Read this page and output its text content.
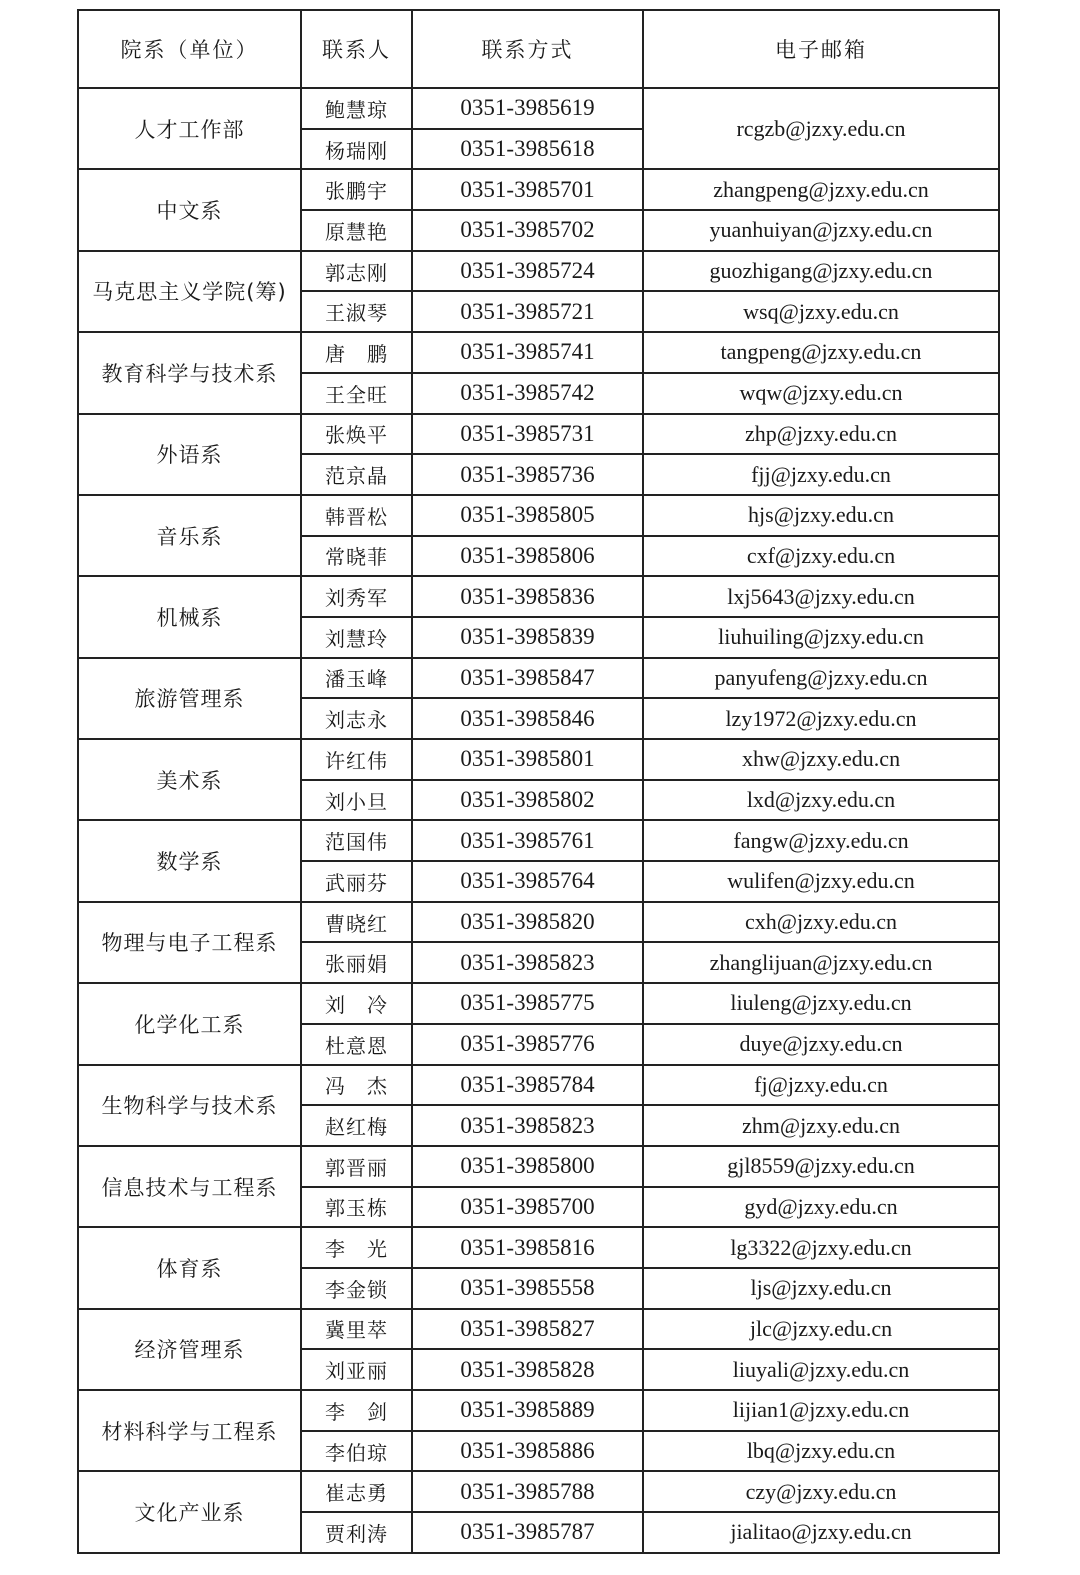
院系（单位）	联系人	联系方式	电子邮箱
人才工作部	鲍慧琼	0351-3985619	rcgzb@jzxy.edu.cn
	杨瑞刚	0351-3985618	
中文系	张鹏宇	0351-3985701	zhangpeng@jzxy.edu.cn
	原慧艳	0351-3985702	yuanhuiyan@jzxy.edu.cn
马克思主义学院(筹)	郭志刚	0351-3985724	guozhigang@jzxy.edu.cn
	王淑琴	0351-3985721	wsq@jzxy.edu.cn
教育科学与技术系	唐　鹏	0351-3985741	tangpeng@jzxy.edu.cn
	王全旺	0351-3985742	wqw@jzxy.edu.cn
外语系	张焕平	0351-3985731	zhp@jzxy.edu.cn
	范京晶	0351-3985736	fjj@jzxy.edu.cn
音乐系	韩晋松	0351-3985805	hjs@jzxy.edu.cn
	常晓菲	0351-3985806	cxf@jzxy.edu.cn
机械系	刘秀军	0351-3985836	lxj5643@jzxy.edu.cn
	刘慧玲	0351-3985839	liuhuiling@jzxy.edu.cn
旅游管理系	潘玉峰	0351-3985847	panyufeng@jzxy.edu.cn
	刘志永	0351-3985846	lzy1972@jzxy.edu.cn
美术系	许红伟	0351-3985801	xhw@jzxy.edu.cn
	刘小旦	0351-3985802	lxd@jzxy.edu.cn
数学系	范国伟	0351-3985761	fangw@jzxy.edu.cn
	武丽芬	0351-3985764	wulifen@jzxy.edu.cn
物理与电子工程系	曹晓红	0351-3985820	cxh@jzxy.edu.cn
	张丽娟	0351-3985823	zhanglijuan@jzxy.edu.cn
化学化工系	刘　冷	0351-3985775	liuleng@jzxy.edu.cn
	杜意恩	0351-3985776	duye@jzxy.edu.cn
生物科学与技术系	冯　杰	0351-3985784	fj@jzxy.edu.cn
	赵红梅	0351-3985823	zhm@jzxy.edu.cn
信息技术与工程系	郭晋丽	0351-3985800	gjl8559@jzxy.edu.cn
	郭玉栋	0351-3985700	gyd@jzxy.edu.cn
体育系	李　光	0351-3985816	lg3322@jzxy.edu.cn
	李金锁	0351-3985558	ljs@jzxy.edu.cn
经济管理系	冀里萃	0351-3985827	jlc@jzxy.edu.cn
	刘亚丽	0351-3985828	liuyali@jzxy.edu.cn
材料科学与工程系	李　剑	0351-3985889	lijian1@jzxy.edu.cn
	李伯琼	0351-3985886	lbq@jzxy.edu.cn
文化产业系	崔志勇	0351-3985788	czy@jzxy.edu.cn
	贾利涛	0351-3985787	jialitao@jzxy.edu.cn
